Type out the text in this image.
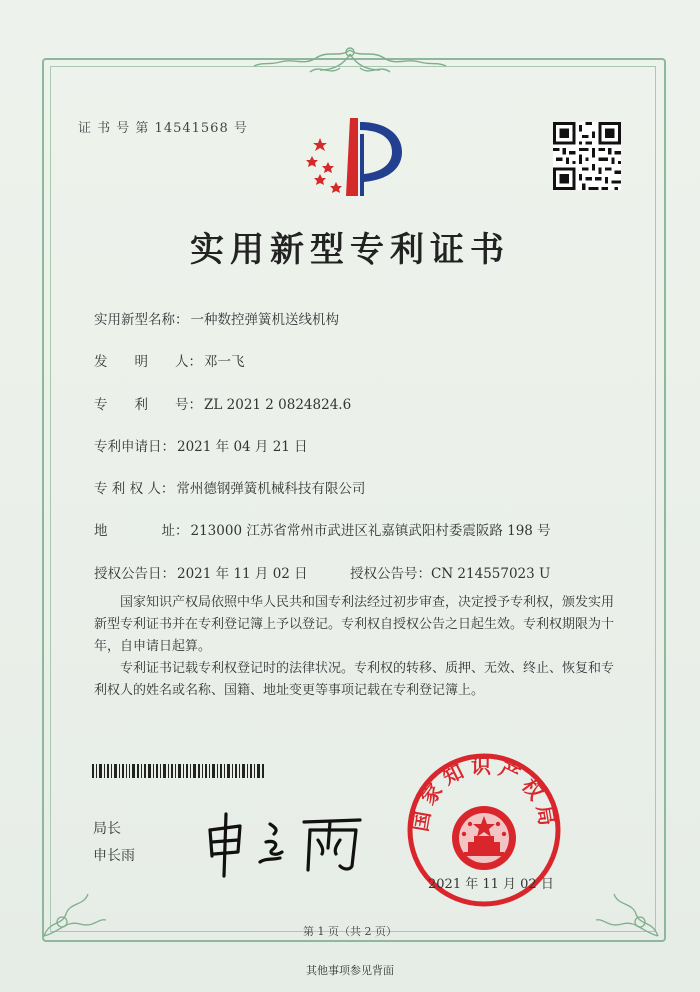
证 书 号 第 14541568 号
实用新型专利证书
实用新型名称： 一种数控弹簧机送线机构
发　　明　　人： 邓一飞
专　　利　　号： ZL 2021 2 0824824.6
专利申请日： 2021 年 04 月 21 日
专 利 权 人： 常州德钢弹簧机械科技有限公司
地　　　　址： 213000 江苏省常州市武进区礼嘉镇武阳村委震阪路 198 号
授权公告日： 2021 年 11 月 02 日	授权公告号：CN 214557023 U
国家知识产权局依照中华人民共和国专利法经过初步审查，决定授予专利权，颁发实用新型专利证书并在专利登记簿上予以登记。专利权自授权公告之日起生效。专利权期限为十年，自申请日起算。
专利证书记载专利权登记时的法律状况。专利权的转移、质押、无效、终止、恢复和专利权人的姓名或名称、国籍、地址变更等事项记载在专利登记簿上。
局长
申长雨
国家知识产权局
2021 年 11 月 02 日
第 1 页（共 2 页）
其他事项参见背面
